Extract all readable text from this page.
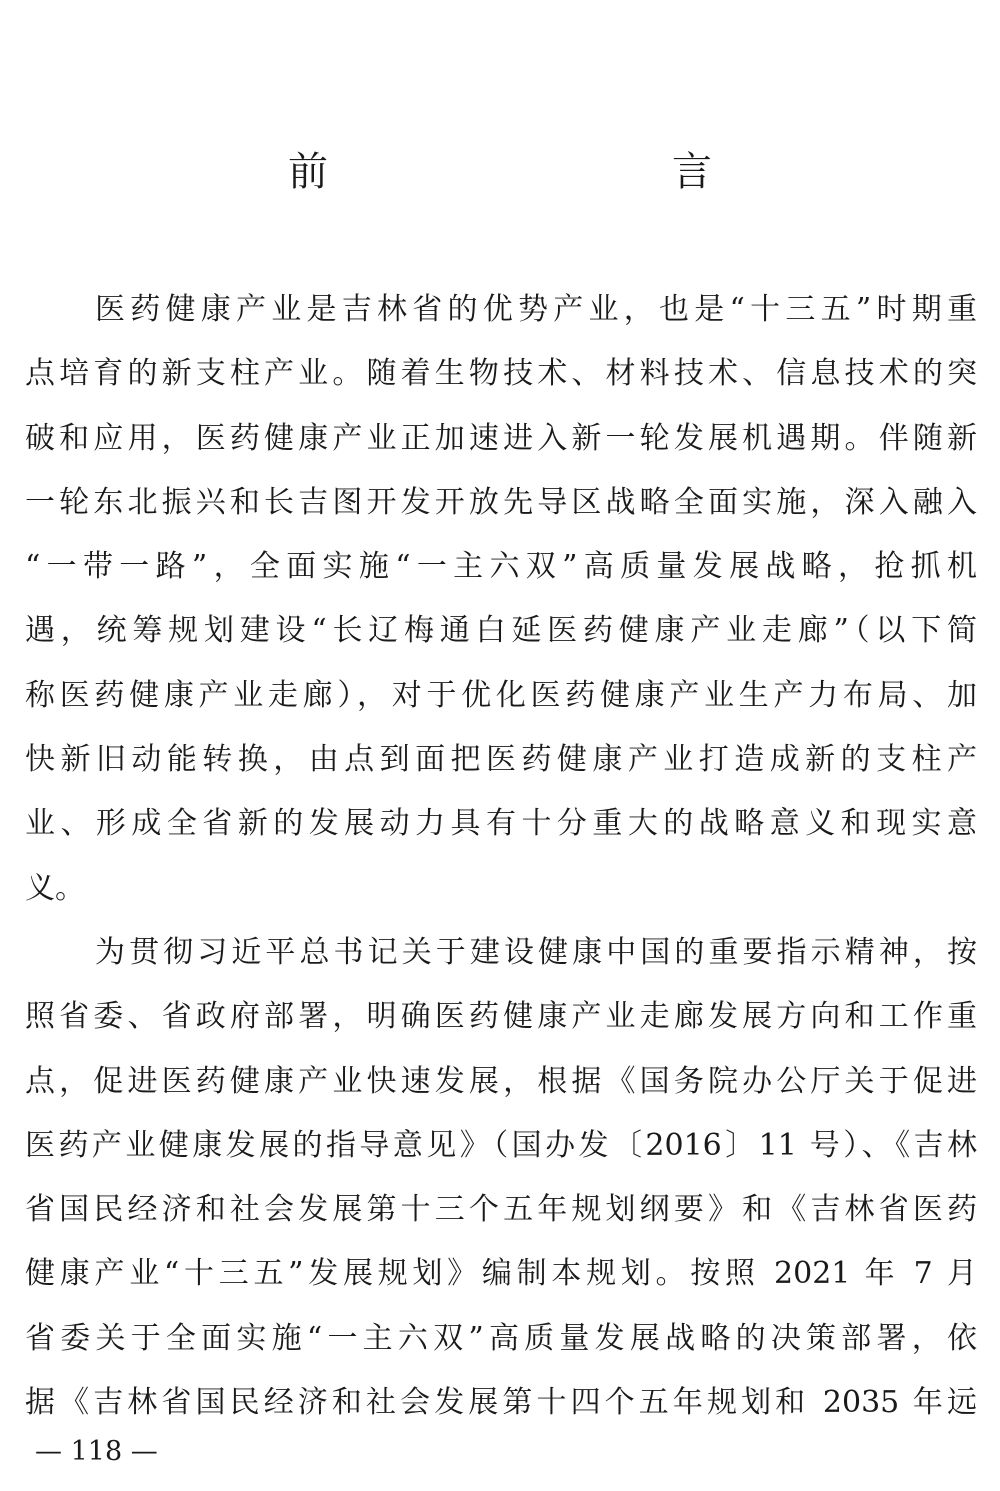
前　　言
医药健康产业是吉林省的优势产业，也是“十三五”时期重
点培育的新支柱产业。随着生物技术、材料技术、信息技术的突
破和应用，医药健康产业正加速进入新一轮发展机遇期。伴随新
一轮东北振兴和长吉图开发开放先导区战略全面实施，深入融入
“一带一路”，全面实施“一主六双”高质量发展战略，抢抓机
遇，统筹规划建设“长辽梅通白延医药健康产业走廊”（以下简
称医药健康产业走廊），对于优化医药健康产业生产力布局、加
快新旧动能转换，由点到面把医药健康产业打造成新的支柱产
业、形成全省新的发展动力具有十分重大的战略意义和现实意
义。
为贯彻习近平总书记关于建设健康中国的重要指示精神，按
照省委、省政府部署，明确医药健康产业走廊发展方向和工作重
点，促进医药健康产业快速发展，根据《国务院办公厅关于促进
医药产业健康发展的指导意见》（国办发〔2016〕11 号）、《吉林
省国民经济和社会发展第十三个五年规划纲要》和《吉林省医药
健康产业“十三五”发展规划》编制本规划。按照 2021 年 7 月
省委关于全面实施“一主六双”高质量发展战略的决策部署，依
据《吉林省国民经济和社会发展第十四个五年规划和 2035 年远
— 118 —
